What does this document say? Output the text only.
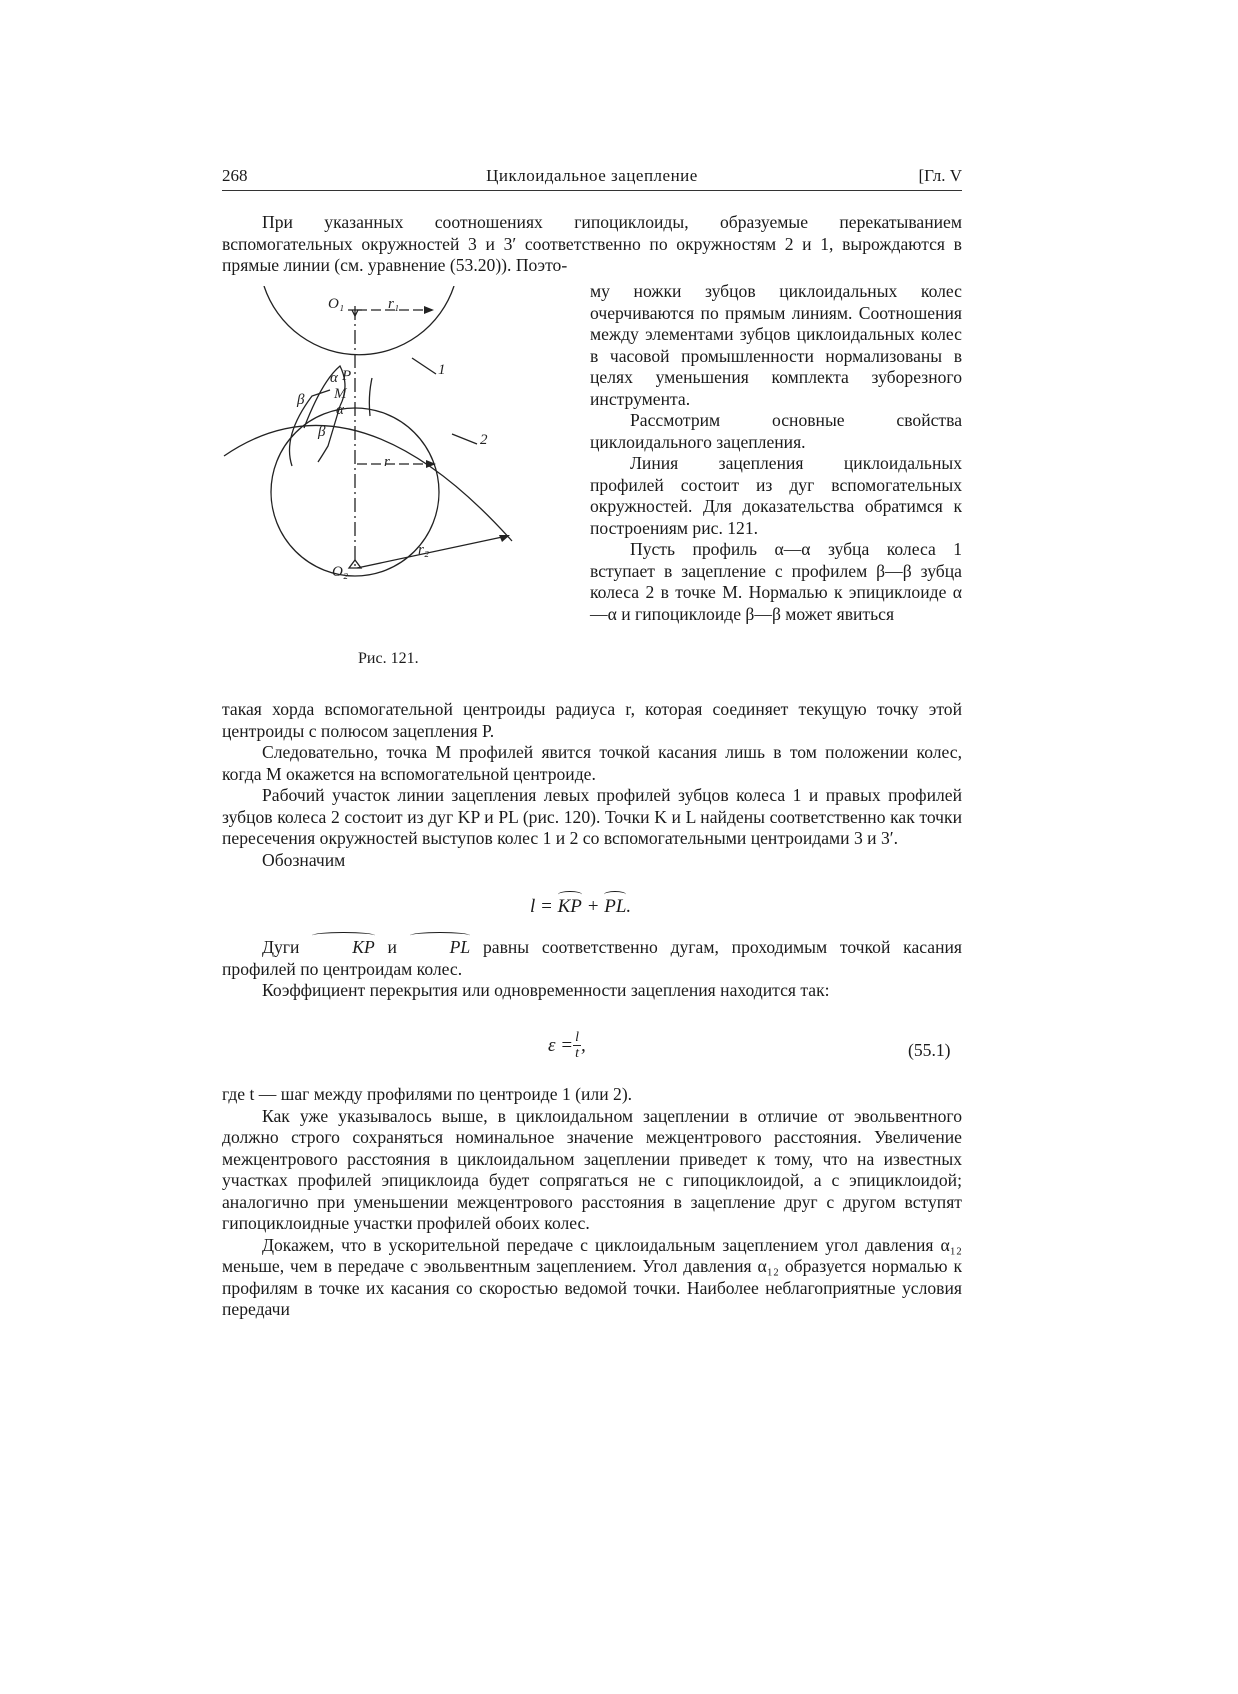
268	Циклоидальное зацепление	[Гл. V

При указанных соотношениях гипоциклоиды, образуемые перекатыванием вспомогательных окружностей 3 и 3′ соответственно по окружностям 2 и 1, вырождаются в прямые линии (см. уравнение (53.20)). Поэто-

O₁	r₁
1
α P
β M
α
β	2
r
r₂
O₂
Рис. 121.

му ножки зубцов циклоидальных колес очерчиваются по прямым линиям. Соотношения между элементами зубцов циклоидальных колес в часовой промышленности нормализованы в целях уменьшения комплекта зуборезного инструмента.

Рассмотрим основные свойства циклоидального зацепления.

Линия зацепления циклоидальных профилей состоит из дуг вспомогательных окружностей. Для доказательства обратимся к построениям рис. 121.

Пусть профиль α—α зубца колеса 1 вступает в зацепление с профилем β—β зубца колеса 2 в точке M. Нормалью к эпициклоиде α—α и гипоциклоиде β—β может явиться

такая хорда вспомогательной центроиды радиуса r, которая соединяет текущую точку этой центроиды с полюсом зацепления P.

Следовательно, точка M профилей явится точкой касания лишь в том положении колес, когда M окажется на вспомогательной центроиде.

Рабочий участок линии зацепления левых профилей зубцов колеса 1 и правых профилей зубцов колеса 2 состоит из дуг KP и PL (рис. 120). Точки K и L найдены соответственно как точки пересечения окружностей выступов колес 1 и 2 со вспомогательными центроидами 3 и 3′.

Обозначим

l = KP + PL.

Дуги KP и PL равны соответственно дугам, проходимым точкой касания профилей по центроидам колес.

Коэффициент перекрытия или одновременности зацепления находится так:

$\varepsilon = \frac{l}{t}$ ,	(55.1)

где t — шаг между профилями по центроиде 1 (или 2).

Как уже указывалось выше, в циклоидальном зацеплении в отличие от эвольвентного должно строго сохраняться номинальное значение межцентрового расстояния. Увеличение межцентрового расстояния в циклоидальном зацеплении приведет к тому, что на известных участках профилей эпициклоида будет сопрягаться не с гипоциклоидой, а с эпициклоидой; аналогично при уменьшении межцентрового расстояния в зацепление друг с другом вступят гипоциклоидные участки профилей обоих колес.

Докажем, что в ускорительной передаче с циклоидальным зацеплением угол давления α₁₂ меньше, чем в передаче с эвольвентным зацеплением. Угол давления α₁₂ образуется нормалью к профилям в точке их касания со скоростью ведомой точки. Наиболее неблагоприятные условия передачи
